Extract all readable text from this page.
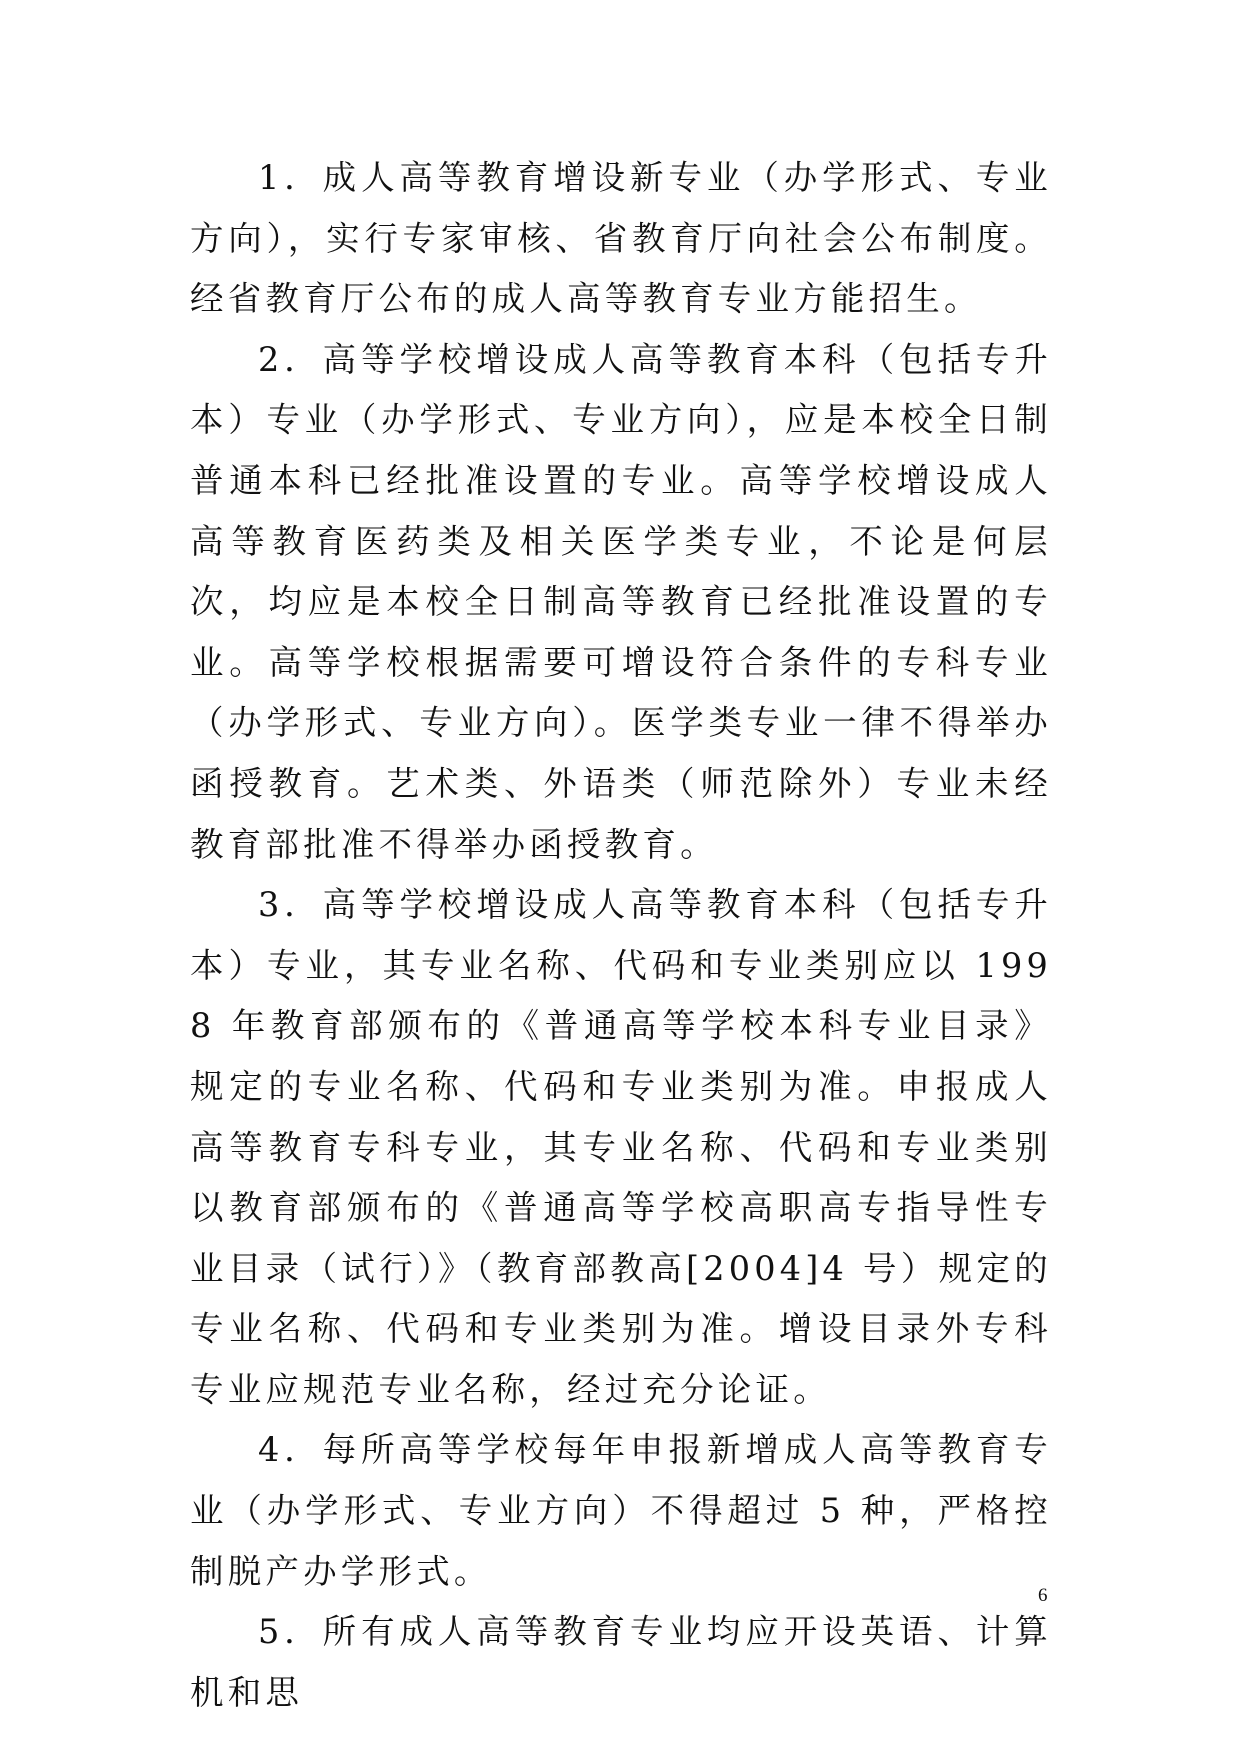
1．成人高等教育增设新专业（办学形式、专业方向），实行专家审核、省教育厅向社会公布制度。经省教育厅公布的成人高等教育专业方能招生。

2．高等学校增设成人高等教育本科（包括专升本）专业（办学形式、专业方向），应是本校全日制普通本科已经批准设置的专业。高等学校增设成人高等教育医药类及相关医学类专业，不论是何层次，均应是本校全日制高等教育已经批准设置的专业。高等学校根据需要可增设符合条件的专科专业（办学形式、专业方向）。医学类专业一律不得举办函授教育。艺术类、外语类（师范除外）专业未经教育部批准不得举办函授教育。

3．高等学校增设成人高等教育本科（包括专升本）专业，其专业名称、代码和专业类别应以 1998 年教育部颁布的《普通高等学校本科专业目录》规定的专业名称、代码和专业类别为准。申报成人高等教育专科专业，其专业名称、代码和专业类别以教育部颁布的《普通高等学校高职高专指导性专业目录（试行）》（教育部教高[2004]4 号）规定的专业名称、代码和专业类别为准。增设目录外专科专业应规范专业名称，经过充分论证。

4．每所高等学校每年申报新增成人高等教育专业（办学形式、专业方向）不得超过 5 种，严格控制脱产办学形式。

5．所有成人高等教育专业均应开设英语、计算机和思

6
